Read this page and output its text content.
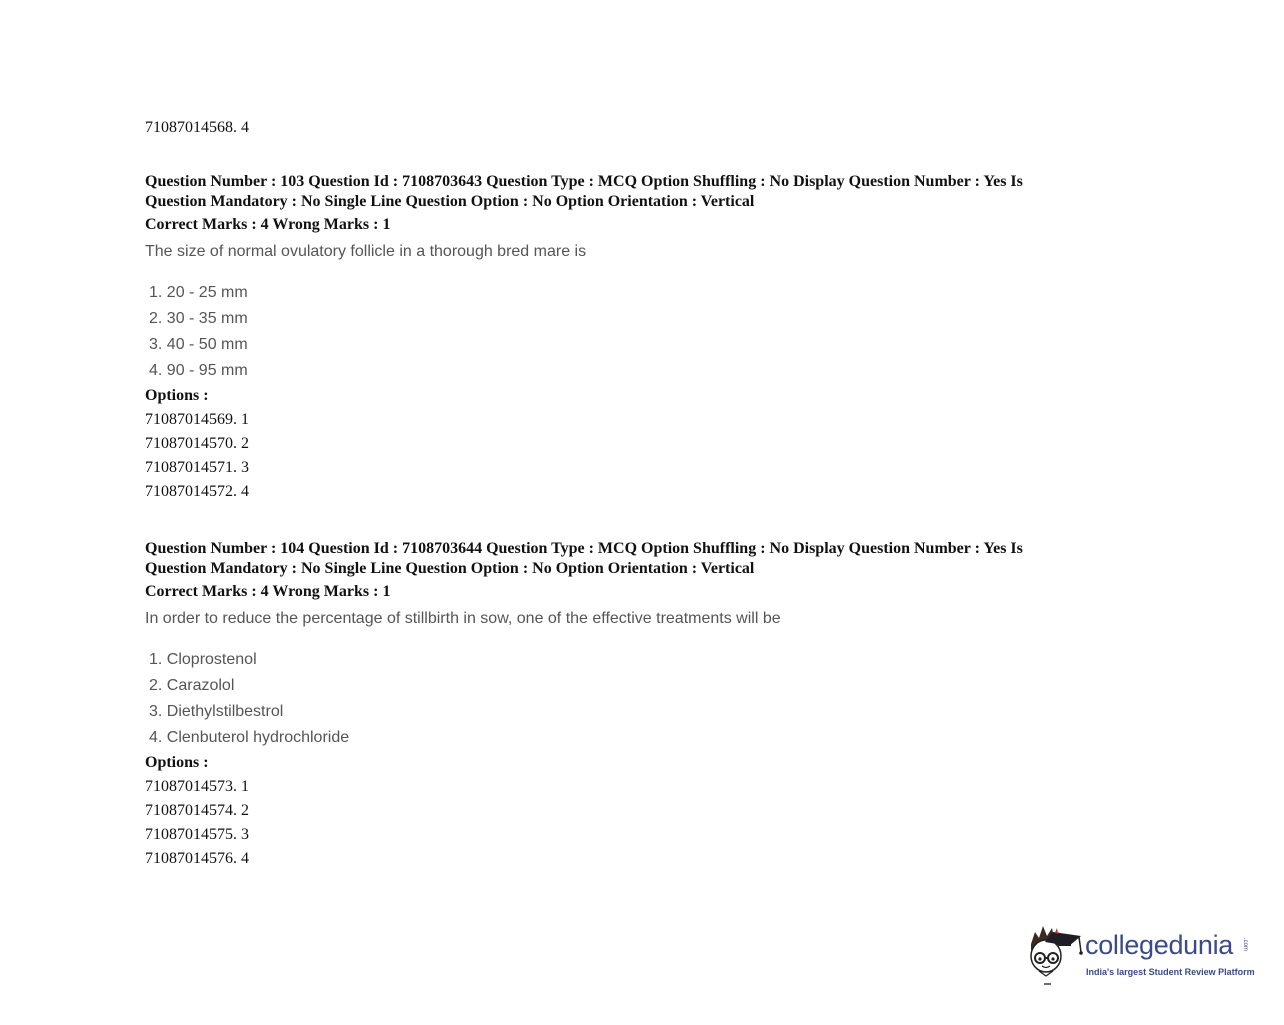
71087014568. 4
Question Number : 103 Question Id : 7108703643 Question Type : MCQ Option Shuffling : No Display Question Number : Yes Is
Question Mandatory : No Single Line Question Option : No Option Orientation : Vertical
Correct Marks : 4 Wrong Marks : 1
The size of normal ovulatory follicle in a thorough bred mare is
1. 20 - 25 mm
2. 30 - 35 mm
3. 40 - 50 mm
4. 90 - 95 mm
Options :
71087014569. 1
71087014570. 2
71087014571. 3
71087014572. 4
Question Number : 104 Question Id : 7108703644 Question Type : MCQ Option Shuffling : No Display Question Number : Yes Is
Question Mandatory : No Single Line Question Option : No Option Orientation : Vertical
Correct Marks : 4 Wrong Marks : 1
In order to reduce the percentage of stillbirth in sow, one of the effective treatments will be
1. Cloprostenol
2. Carazolol
3. Diethylstilbestrol
4. Clenbuterol hydrochloride
Options :
71087014573. 1
71087014574. 2
71087014575. 3
71087014576. 4
collegedunia .com
India's largest Student Review Platform
